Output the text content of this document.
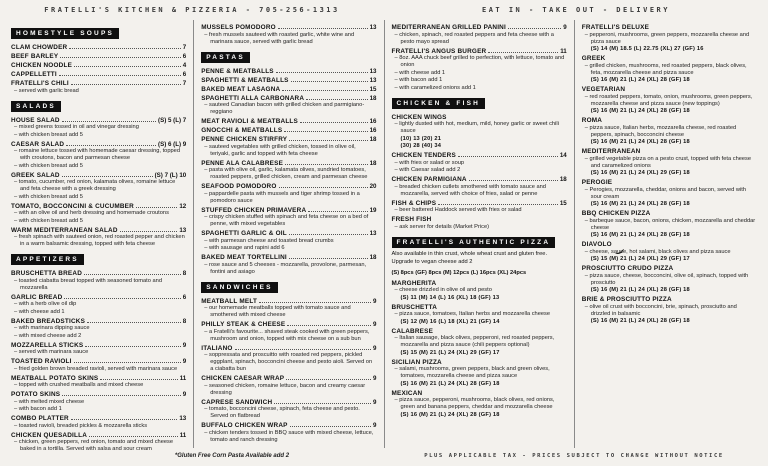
FRATELLI'S KITCHEN & PIZZERIA - 705-256-1313	EAT IN - TAKE OUT - DELIVERY
HOMESTYLE SOUPS
CLAM CHOWDER	7
BEEF BARLEY	6
CHICKEN NOODLE	4
CAPPELLETTI	6
FRATELLI'S CHILI	7
– served with garlic bread
SALADS
HOUSE SALAD	(S) 5 (L) 7
– mixed greens tossed in oil and vinegar dressing
– with chicken breast add 5
CAESAR SALAD	(S) 6 (L) 9
– romaine lettuce tossed with homemade caesar dressing, topped with croutons, bacon and parmesan cheese
– with chicken breast add 5
GREEK SALAD	(S) 7 (L) 10
– tomato, cucumber, red onion, kalamata olives, romaine lettuce and feta cheese with a greek dressing
– with chicken breast add 5
TOMATO, BOCCONCINI & CUCUMBER	12
– with an olive oil and herb dressing and homemade croutons
– with chicken breast add 5
WARM MEDITERRANEAN SALAD	13
– fresh spinach with sauteed onion, red roasted pepper and chicken in a warm balsamic dressing, topped with feta cheese
APPETIZERS
BRUSCHETTA BREAD	8
– toasted ciabatta bread topped with seasoned tomato and mozzarella
GARLIC BREAD	6
– with a herb olive oil dip
– with cheese add 1
BAKED BREADSTICKS	8
– with marinara dipping sauce
– with mixed cheese add 2
MOZZARELLA STICKS	9
– served with marinara sauce
TOASTED RAVIOLI	9
– fried golden brown breaded ravioli, served with marinara sauce
MEATBALL POTATO SKINS	11
– topped with crushed meatballs and mixed cheese
POTATO SKINS	9
– with melted mixed cheese
– with bacon add 1
COMBO PLATTER	13
– toasted ravioli, breaded pickles & mozzarella sticks
CHICKEN QUESADILLA	11
– chicken, green peppers, red onion, tomato and mixed cheese baked in a tortilla. Served with salsa and sour cream
MUSSELS POMODORO	13
– fresh mussels sauteed with roasted garlic, white wine and marinara sauce, served with garlic bread
PASTAS
PENNE & MEATBALLS	13
SPAGHETTI & MEATBALLS	13
BAKED MEAT LASAGNA	15
SPAGHETTI ALLA CARBONARA	18
– sauteed Canadian bacon with grilled chicken and parmigiano-reggiano
MEAT RAVIOLI & MEATBALLS	16
GNOCCHI & MEATBALLS	16
PENNE CHICKEN STIRFRY	18
– sauteed vegetables with grilled chicken, tossed in olive oil, teriyaki, garlic and topped with feta cheese
PENNE ALA CALABRESE	18
– pasta with olive oil, garlic, kalamata olives, sundried tomatoes, roasted peppers, grilled chicken, cream and parmesan cheese
SEAFOOD POMODORO	20
– pappardelle pasta with mussels and tiger shrimp tossed in a pomodoro sauce
STUFFED CHICKEN PRIMAVERA	19
– crispy chicken stuffed with spinach and feta cheese on a bed of penne, with mixed vegetables
SPAGHETTI GARLIC & OIL	13
– with parmesan cheese and toasted bread crumbs
– with sausage and rapini add 6
BAKED MEAT TORTELLINI	18
– rose sauce and 5 cheeses - mozzarella, provolone, parmesan, fontini and asiago
SANDWICHES
MEATBALL MELT	9
– our homemade meatballs topped with tomato sauce and smothered with mixed cheese
PHILLY STEAK & CHEESE	9
– a Fratelli's favourite... shaved steak cooked with green peppers, mushroom and onion, topped with mix cheese on a sub bun
ITALIANO	9
– soppressata and proscuitto with roasted red peppers, pickled eggplant, spinach, bocconcini cheese and pesto aioli. Served on a ciabatta bun
CHICKEN CAESAR WRAP	9
– seasoned chicken, romaine lettuce, bacon and creamy caesar dressing
CAPRESE SANDWICH	9
– tomato, bocconcini cheese, spinach, feta cheese and pesto. Served on flatbread
BUFFALO CHICKEN WRAP	9
– chicken tenders tossed in BBQ sauce with mixed cheese, lettuce, tomato and ranch dressing
MEDITERRANEAN GRILLED PANINI	9
– chicken, spinach, red roasted peppers and feta cheese with a pesto mayo spread
FRATELLI'S ANGUS BURGER	11
– 8oz. AAA chuck beef grilled to perfection, with lettuce, tomato and onion
– with cheese add 1
– with bacon add 1
– with caramelized onions add 1
CHICKEN & FISH
CHICKEN WINGS
– lightly dusted with hot, medium, mild, honey garlic or sweet chili sauce
(10) 13 (20) 21
(30) 28 (40) 34
CHICKEN TENDERS	14
– with fries or salad or soup
– with Caesar salad add 2
CHICKEN PARMIGIANA	18
– breaded chicken cutlets smothered with tomato sauce and mozzarella, served with choice of fries, salad or penne
FISH & CHIPS	15
– beer battered Haddock served with fries or salad
FRESH FISH
– ask server for details (Market Price)
FRATELLI'S AUTHENTIC PIZZA
Also available in thin crust, whole wheat crust and gluten free.
Upgrade to vegan cheese add 2
(S) 8pcs (GF) 8pcs (M) 12pcs (L) 16pcs (XL) 24pcs
MARGHERITA
– cheese drizzled in olive oil and pesto
(S) 11 (M) 14 (L) 16 (XL) 18 (GF) 13
BRUSCHETTA
– pizza sauce, tomatoes, Italian herbs and mozzarella cheese
(S) 12 (M) 16 (L) 18 (XL) 21 (GF) 14
CALABRESE
– Italian sausage, black olives, pepperoni, red roasted peppers, mozzarella and pizza sauce (chili peppers optional)
(S) 15 (M) 21 (L) 24 (XL) 29 (GF) 17
SICILIAN PIZZA
– salami, mushrooms, green peppers, black and green olives, tomatoes, mozzarella cheese and pizza sauce
(S) 16 (M) 21 (L) 24 (XL) 28 (GF) 18
MEXICAN
– pizza sauce, pepperoni, mushrooms, black olives, red onions, green and banana peppers, cheddar and mozzarella cheese
(S) 16 (M) 21 (L) 24 (XL) 28 (GF) 18
FRATELLI'S DELUXE
– pepperoni, mushrooms, green peppers, mozzarella cheese and pizza sauce
(S) 14 (M) 18.5 (L) 22.75 (XL) 27 (GF) 16
GREEK
– grilled chicken, mushrooms, red roasted peppers, black olives, feta, mozzarella cheese and pizza sauce
(S) 16 (M) 21 (L) 24 (XL) 28 (GF) 18
VEGETARIAN
– red roasted peppers, tomato, onion, mushrooms, green peppers, mozzarella cheese and pizza sauce (new toppings)
(S) 16 (M) 21 (L) 24 (XL) 28 (GF) 18
ROMA
– pizza sauce, Italian herbs, mozzarella cheese, red roasted peppers, spinach, bocconcini cheese
(S) 16 (M) 21 (L) 24 (XL) 28 (GF) 18
MEDITERRANEAN
– grilled vegetable pizza on a pesto crust, topped with feta cheese and caramelized onions
(S) 16 (M) 21 (L) 24 (XL) 29 (GF) 18
PEROGIE
– Perogies, mozzarella, cheddar, onions and bacon, served with sour cream
(S) 16 (M) 21 (L) 24 (XL) 28 (GF) 18
BBQ CHICKEN PIZZA
– barbeque sauce, bacon, onions, chicken, mozzarella and cheddar cheese
(S) 16 (M) 21 (L) 24 (XL) 28 (GF) 18
DIAVOLO
– cheese, sauce, hot salami, black olives and pizza sauce
(S) 15 (M) 21 (L) 24 (XL) 29 (GF) 17
PROSCIUTTO CRUDO PIZZA
– pizza sauce, cheese, bocconcini, olive oil, spinach, topped with prosciutto
(S) 16 (M) 21 (L) 24 (XL) 28 (GF) 18
BRIE & PROSCIUTTO PIZZA
– olive oil crust with bocconcini, brie, spinach, prosciutto and drizzled in balsamic
(S) 16 (M) 21 (L) 24 (XL) 28 (GF) 18
*Gluten Free Corn Pasta Available add 2	PLUS APPLICABLE TAX - PRICES SUBJECT TO CHANGE WITHOUT NOTICE
